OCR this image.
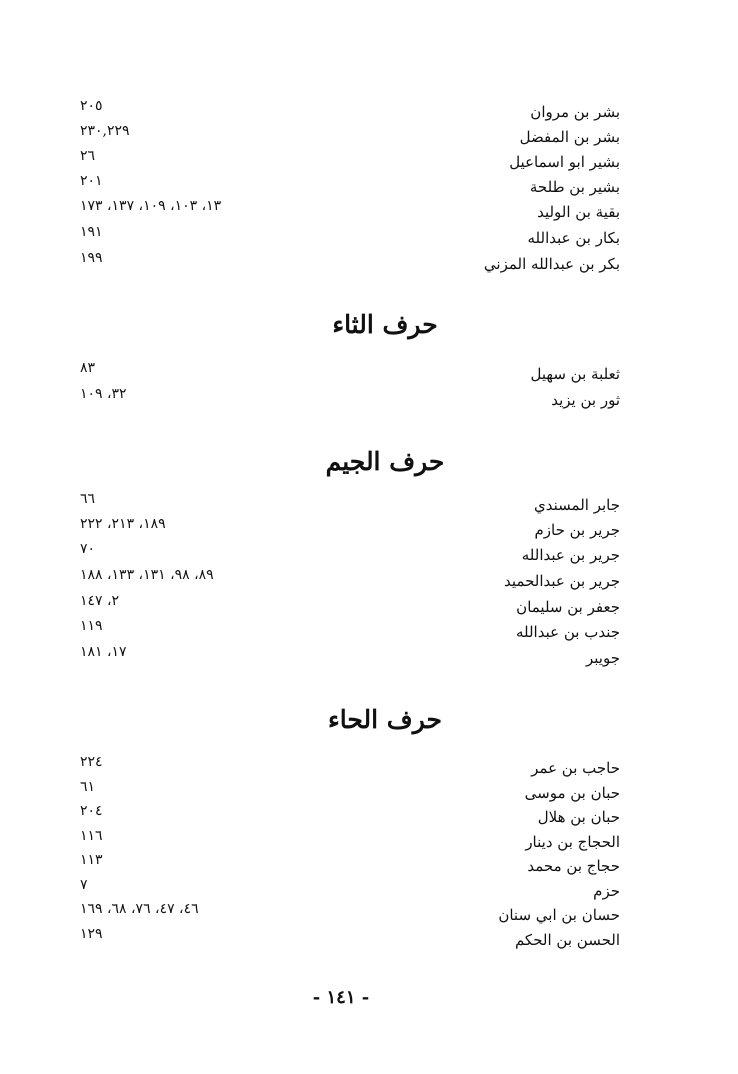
بشر بن مروان
٢٠٥
بشر بن المفضل
٢٣٠,٢٢٩
بشير ابو اسماعيل
٢٦
بشير بن طلحة
٢٠١
بقية بن الوليد
١٣، ١٠٣، ١٠٩، ١٣٧، ١٧٣
بكار بن عبدالله
١٩١
بكر بن عبدالله المزني
١٩٩
حرف الثاء
ثعلبة بن سهيل
٨٣
ثور بن يزيد
٣٢، ١٠٩
حرف الجيم
جابر المسندي
٦٦
جرير بن حازم
١٨٩، ٢١٣، ٢٢٢
جرير بن عبدالله
٧٠
جرير بن عبدالحميد
٨٩، ٩٨، ١٣١، ١٣٣، ١٨٨
جعفر بن سليمان
٢، ١٤٧
جندب بن عبدالله
١١٩
جويبر
١٧، ١٨١
حرف الحاء
حاجب بن عمر
٢٢٤
حبان بن موسى
٦١
حبان بن هلال
٢٠٤
الحجاج بن دينار
١١٦
حجاج بن محمد
١١٣
حزم
٧
حسان بن ابي سنان
٤٦، ٤٧، ٧٦، ٦٨، ١٦٩
الحسن بن الحكم
١٢٩
- ١٤١ -
